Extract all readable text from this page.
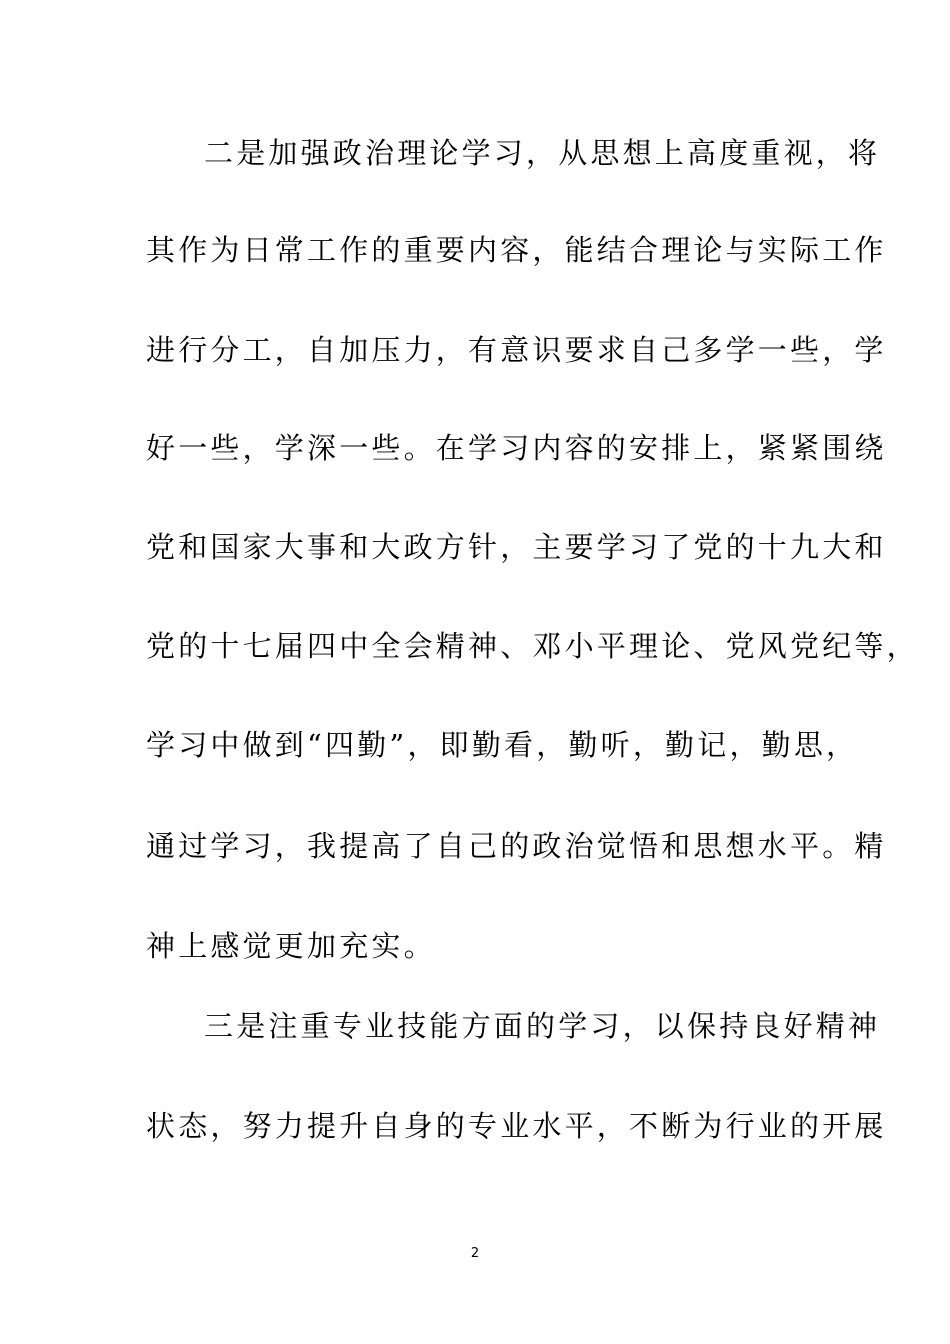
二是加强政治理论学习，从思想上高度重视，将
其作为日常工作的重要内容，能结合理论与实际工作
进行分工，自加压力，有意识要求自己多学一些，学
好一些，学深一些。在学习内容的安排上，紧紧围绕
党和国家大事和大政方针，主要学习了党的十九大和
党的十七届四中全会精神、邓小平理论、党风党纪等，
学习中做到“四勤”，即勤看，勤听，勤记，勤思，
通过学习，我提高了自己的政治觉悟和思想水平。精
神上感觉更加充实。
三是注重专业技能方面的学习，以保持良好精神
状态，努力提升自身的专业水平，不断为行业的开展
2
